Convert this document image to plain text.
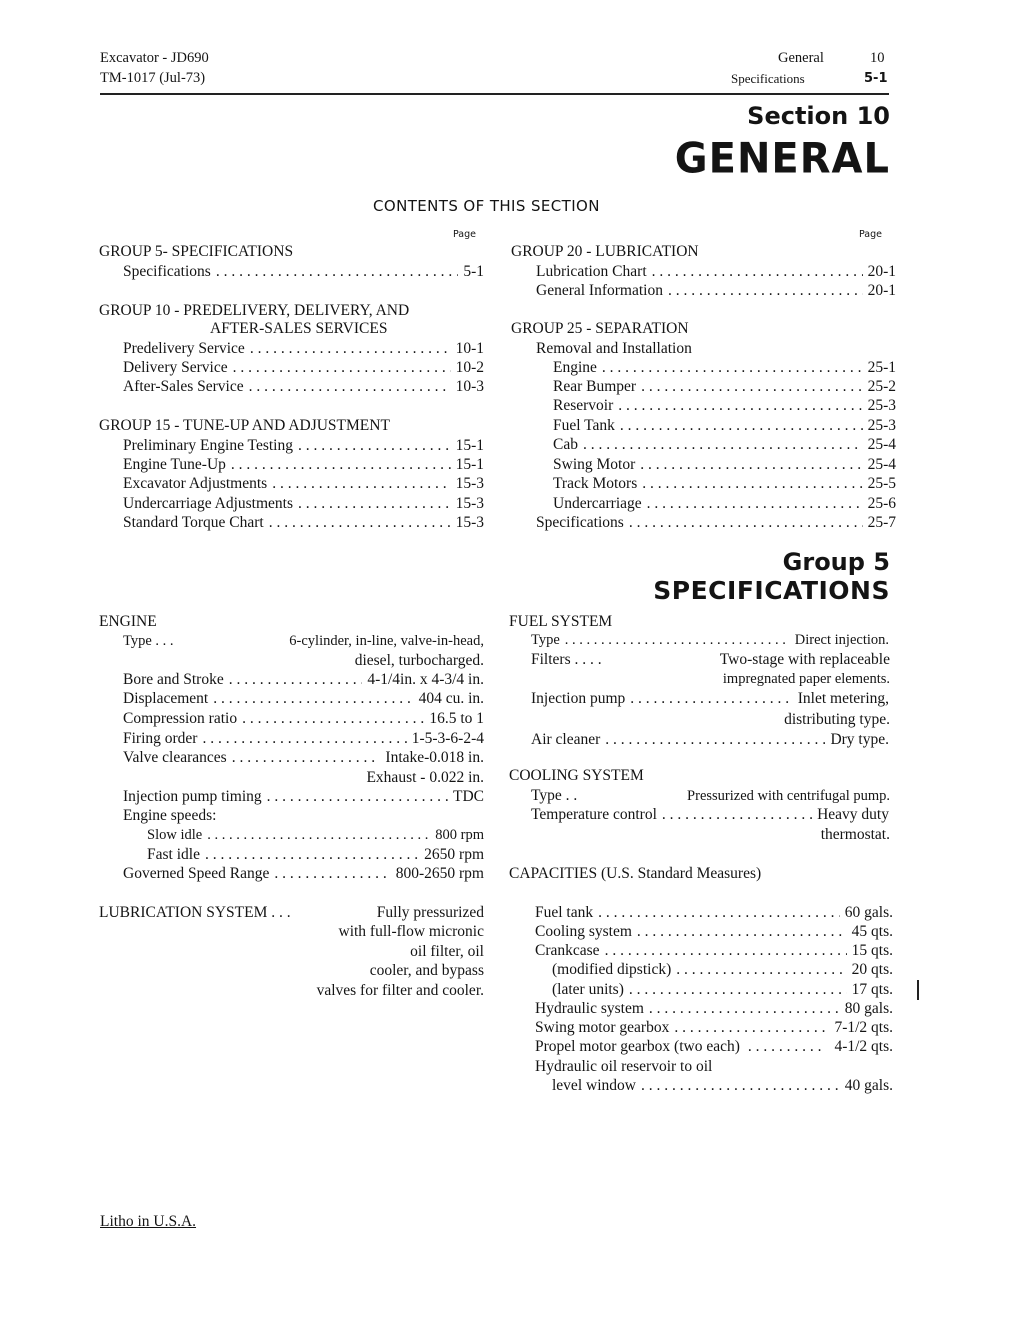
Excavator - JD690
TM-1017 (Jul-73)
General	10
Specifications	5-1
Section 10
GENERAL
CONTENTS OF THIS SECTION
Page	Page
GROUP 5- SPECIFICATIONS
Specifications . . .	5-1
GROUP 10 - PREDELIVERY, DELIVERY, AND
AFTER-SALES SERVICES
Predelivery Service . . .	10-1
Delivery Service . . .	10-2
After-Sales Service . . .	10-3
GROUP 15 - TUNE-UP AND ADJUSTMENT
Preliminary Engine Testing . . .	15-1
Engine Tune-Up . . .	15-1
Excavator Adjustments . . .	15-3
Undercarriage Adjustments . . .	15-3
Standard Torque Chart . . .	15-3
GROUP 20 - LUBRICATION
Lubrication Chart . . .	20-1
General Information . . .	20-1
GROUP 25 - SEPARATION
Removal and Installation
Engine . . .	25-1
Rear Bumper . . .	25-2
Reservoir . . .	25-3
Fuel Tank . . .	25-3
Cab . . .	25-4
Swing Motor . . .	25-4
Track Motors . . .	25-5
Undercarriage . . .	25-6
Specifications . . .	25-7
Group 5
SPECIFICATIONS
ENGINE
Type . . .	6-cylinder, in-line, valve-in-head,
diesel, turbocharged.
Bore and Stroke . . .	4-1/4in. x 4-3/4 in.
Displacement . . .	404 cu. in.
Compression ratio . . .	16.5 to 1
Firing order . . .	1-5-3-6-2-4
Valve clearances . . .	Intake-0.018 in.
Exhaust - 0.022 in.
Injection pump timing . . .	TDC
Engine speeds:
Slow idle . . .	800 rpm
Fast idle . . .	2650 rpm
Governed Speed Range . . .	800-2650 rpm
LUBRICATION SYSTEM . . .	Fully pressurized
with full-flow micronic
oil filter, oil
cooler, and bypass
valves for filter and cooler.
FUEL SYSTEM
Type . . .	Direct injection.
Filters . . . .	Two-stage with replaceable
impregnated paper elements.
Injection pump . . .	Inlet metering,
distributing type.
Air cleaner . . .	Dry type.
COOLING SYSTEM
Type . .	Pressurized with centrifugal pump.
Temperature control . . .	Heavy duty
thermostat.
CAPACITIES (U.S. Standard Measures)
Fuel tank . . .	60 gals.
Cooling system . . .	45 qts.
Crankcase . . .	15 qts.
(modified dipstick) . . .	20 qts.
(later units) . . .	17 qts.
Hydraulic system . . .	80 gals.
Swing motor gearbox . . .	7-1/2 qts.
Propel motor gearbox (two each) . . .	4-1/2 qts.
Hydraulic oil reservoir to oil
level window . . .	40 gals.
Litho in U.S.A.
